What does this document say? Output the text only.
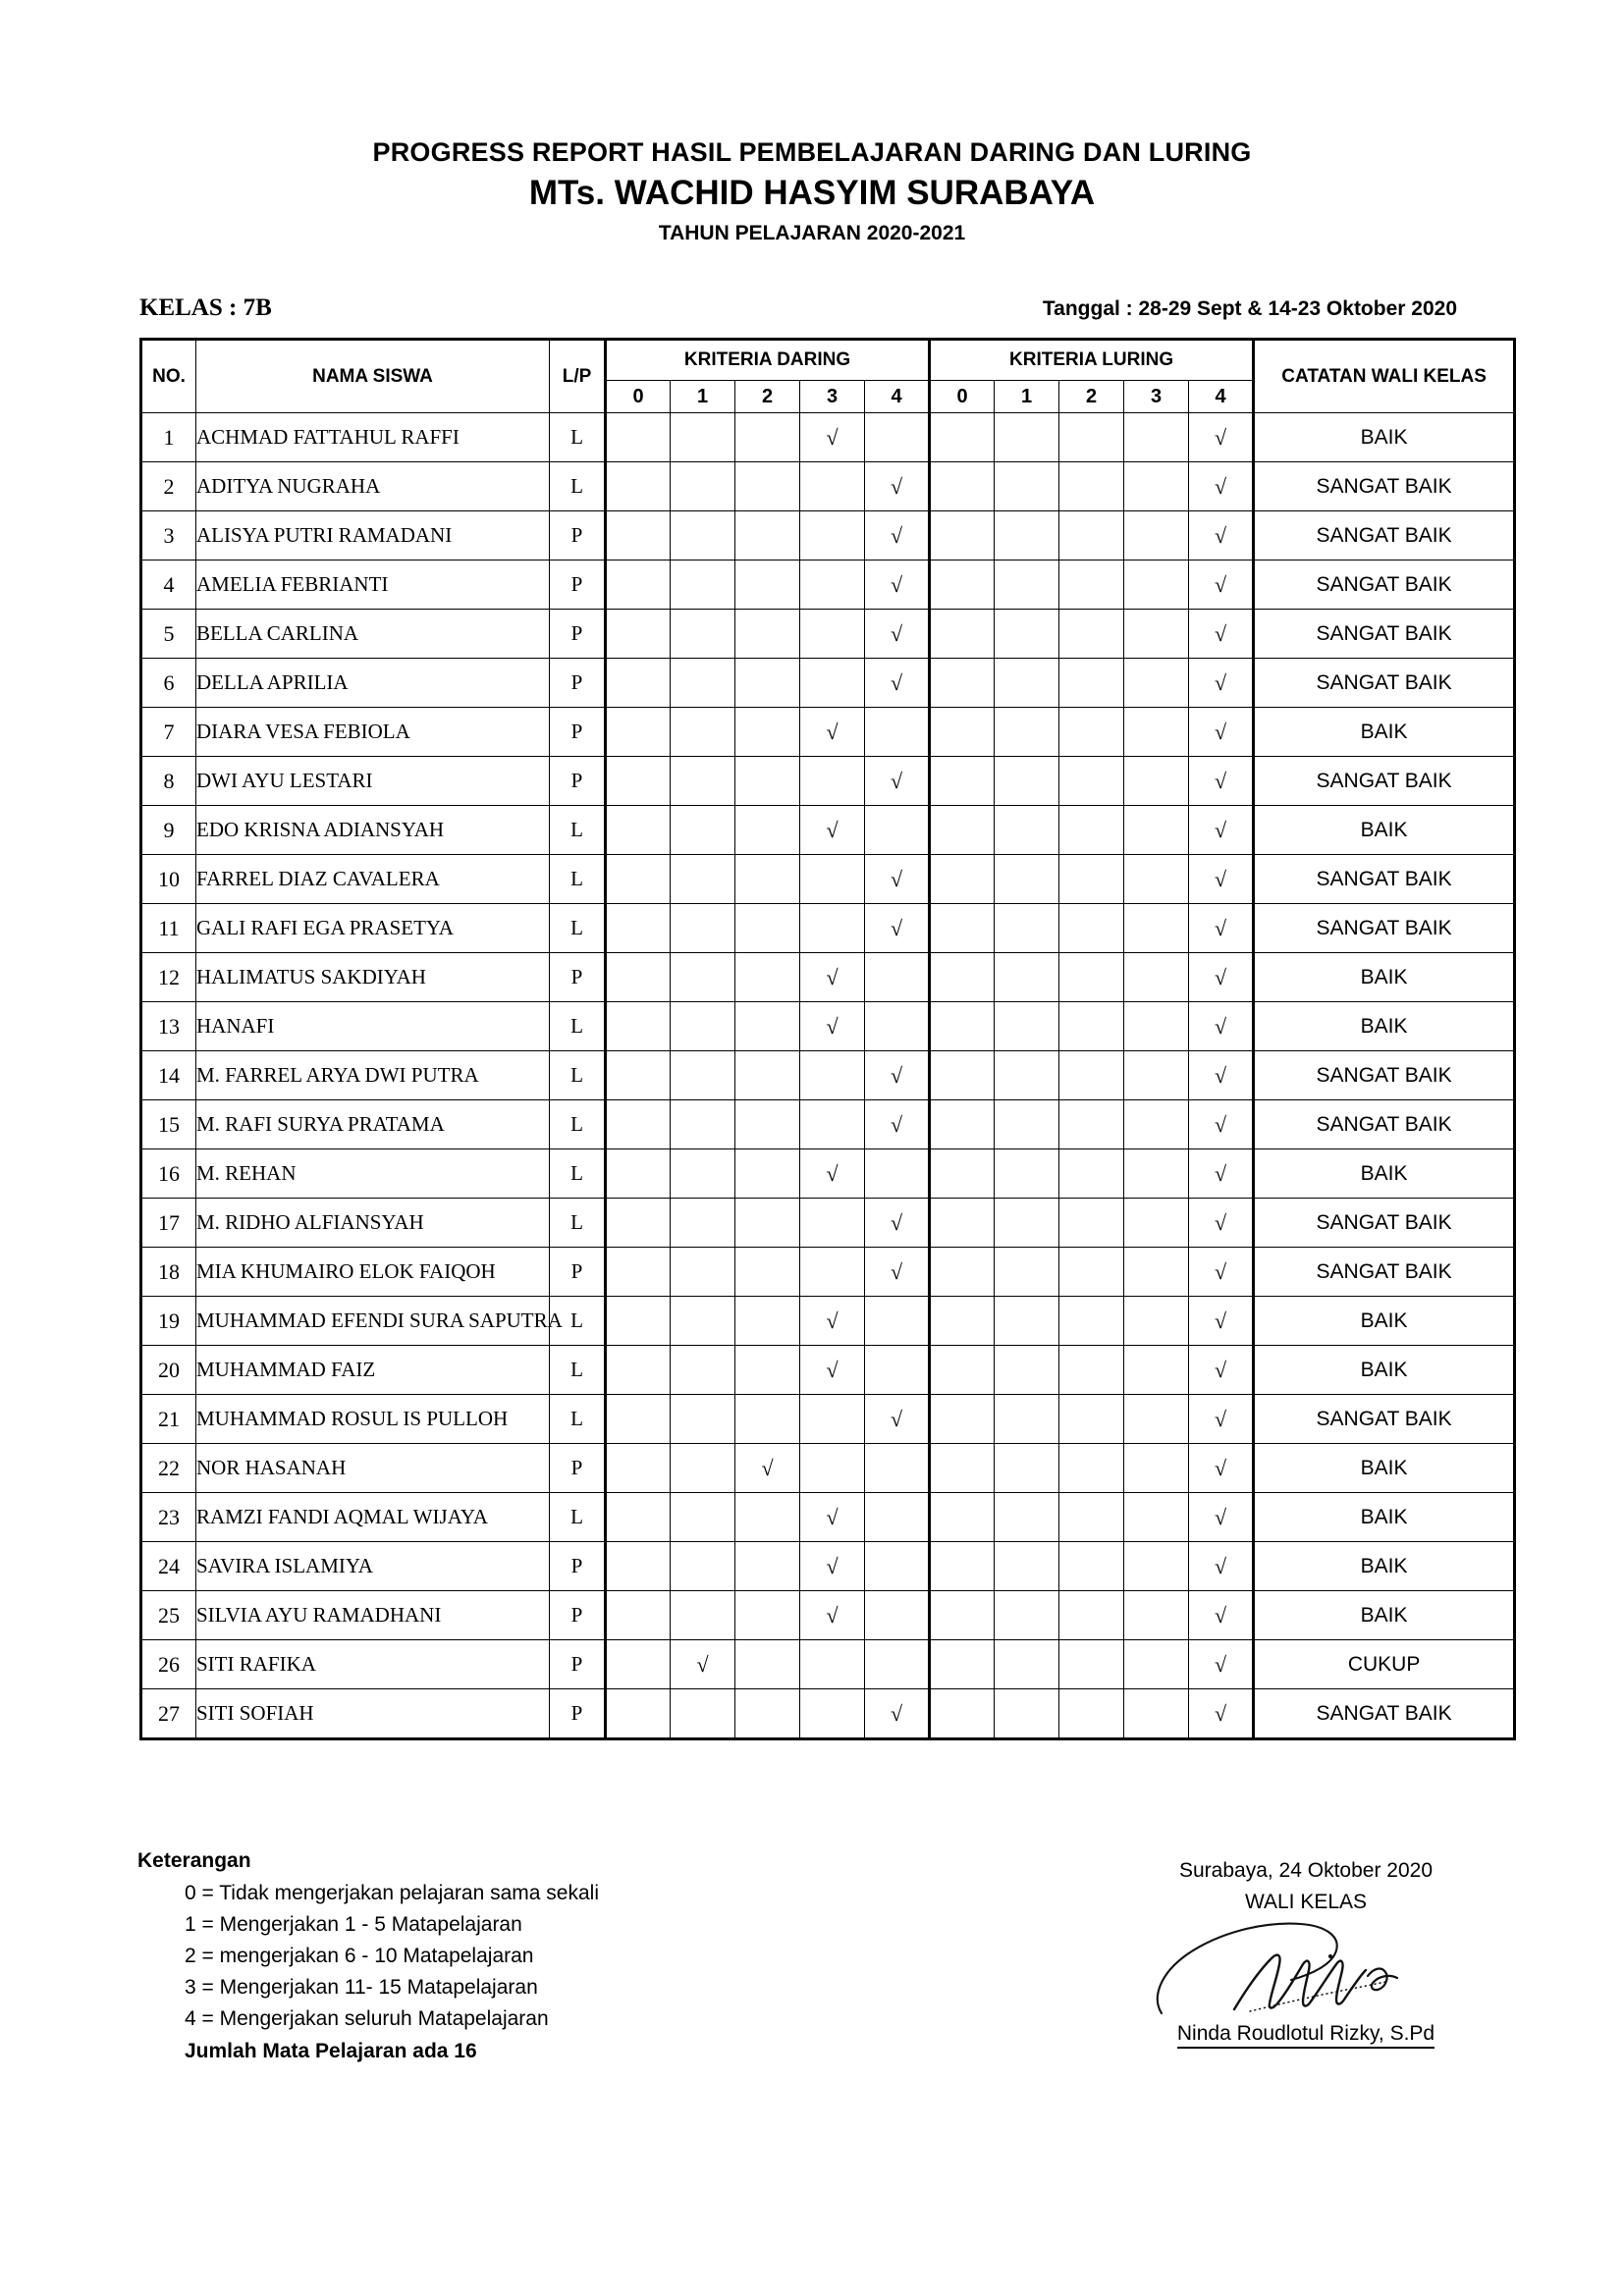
PROGRESS REPORT HASIL PEMBELAJARAN DARING DAN LURING
MTs. WACHID HASYIM SURABAYA
TAHUN PELAJARAN 2020-2021
KELAS : 7B	Tanggal : 28-29 Sept & 14-23 Oktober 2020
NO.	NAMA SISWA	L/P	KRITERIA DARING					KRITERIA LURING					CATATAN WALI KELAS
			0	1	2	3	4	0	1	2	3	4	
1	ACHMAD FATTAHUL RAFFI	L				√						√	BAIK
2	ADITYA NUGRAHA	L					√					√	SANGAT BAIK
3	ALISYA PUTRI RAMADANI	P					√					√	SANGAT BAIK
4	AMELIA FEBRIANTI	P					√					√	SANGAT BAIK
5	BELLA CARLINA	P					√					√	SANGAT BAIK
6	DELLA APRILIA	P					√					√	SANGAT BAIK
7	DIARA VESA FEBIOLA	P				√						√	BAIK
8	DWI AYU LESTARI	P					√					√	SANGAT BAIK
9	EDO KRISNA ADIANSYAH	L				√						√	BAIK
10	FARREL DIAZ CAVALERA	L					√					√	SANGAT BAIK
11	GALI RAFI EGA PRASETYA	L					√					√	SANGAT BAIK
12	HALIMATUS SAKDIYAH	P				√						√	BAIK
13	HANAFI	L				√						√	BAIK
14	M. FARREL ARYA DWI PUTRA	L					√					√	SANGAT BAIK
15	M. RAFI SURYA PRATAMA	L					√					√	SANGAT BAIK
16	M. REHAN	L				√						√	BAIK
17	M. RIDHO ALFIANSYAH	L					√					√	SANGAT BAIK
18	MIA KHUMAIRO ELOK FAIQOH	P					√					√	SANGAT BAIK
19	MUHAMMAD EFENDI SURA SAPUTRA	L				√						√	BAIK
20	MUHAMMAD FAIZ	L				√						√	BAIK
21	MUHAMMAD ROSUL IS PULLOH	L					√					√	SANGAT BAIK
22	NOR HASANAH	P			√							√	BAIK
23	RAMZI FANDI AQMAL WIJAYA	L				√						√	BAIK
24	SAVIRA ISLAMIYA	P				√						√	BAIK
25	SILVIA AYU RAMADHANI	P				√						√	BAIK
26	SITI RAFIKA	P		√								√	CUKUP
27	SITI SOFIAH	P					√					√	SANGAT BAIK
Keterangan
0 = Tidak mengerjakan pelajaran sama sekali
1 = Mengerjakan 1 - 5 Matapelajaran
2 = mengerjakan 6 - 10 Matapelajaran
3 = Mengerjakan 11- 15 Matapelajaran
4 = Mengerjakan seluruh Matapelajaran
Jumlah Mata Pelajaran ada 16
Surabaya, 24 Oktober 2020
WALI KELAS
Ninda Roudlotul Rizky, S.Pd
